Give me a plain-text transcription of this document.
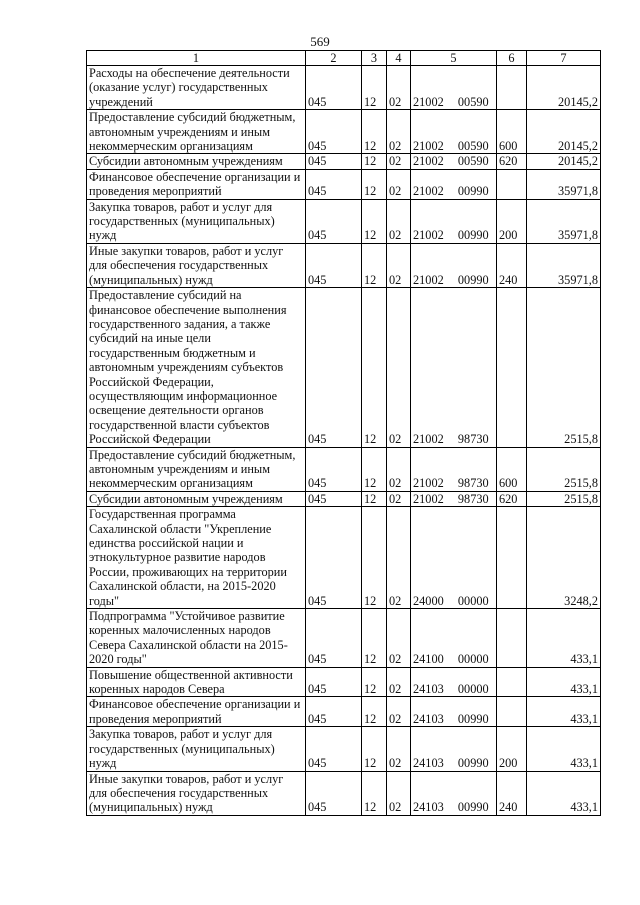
569
1	2	3	4	5	6	7
Расходы на обеспечение деятельности (оказание услуг) государственных учреждений	045	12	02	21002  00590		20145,2
Предоставление субсидий бюджетным, автономным учреждениям и иным некоммерческим организациям	045	12	02	21002  00590	600	20145,2
Субсидии автономным учреждениям	045	12	02	21002  00590	620	20145,2
Финансовое обеспечение организации и проведения мероприятий	045	12	02	21002  00990		35971,8
Закупка товаров, работ и услуг для государственных (муниципальных) нужд	045	12	02	21002  00990	200	35971,8
Иные закупки товаров, работ и услуг для обеспечения государственных (муниципальных) нужд	045	12	02	21002  00990	240	35971,8
Предоставление субсидий на финансовое обеспечение выполнения государственного задания, а также субсидий на иные цели государственным бюджетным и автономным учреждениям субъектов Российской Федерации, осуществляющим информационное освещение деятельности органов государственной власти субъектов Российской Федерации	045	12	02	21002  98730		2515,8
Предоставление субсидий бюджетным, автономным учреждениям и иным некоммерческим организациям	045	12	02	21002  98730	600	2515,8
Субсидии автономным учреждениям	045	12	02	21002  98730	620	2515,8
Государственная программа Сахалинской области "Укрепление единства российской нации и этнокультурное развитие народов России, проживающих на территории Сахалинской области, на 2015-2020 годы"	045	12	02	24000  00000		3248,2
Подпрограмма "Устойчивое развитие коренных малочисленных народов Севера Сахалинской области на 2015-2020 годы"	045	12	02	24100  00000		433,1
Повышение общественной активности коренных народов Севера	045	12	02	24103  00000		433,1
Финансовое обеспечение организации и проведения мероприятий	045	12	02	24103  00990		433,1
Закупка товаров, работ и услуг для государственных (муниципальных) нужд	045	12	02	24103  00990	200	433,1
Иные закупки товаров, работ и услуг для обеспечения государственных (муниципальных) нужд	045	12	02	24103  00990	240	433,1
